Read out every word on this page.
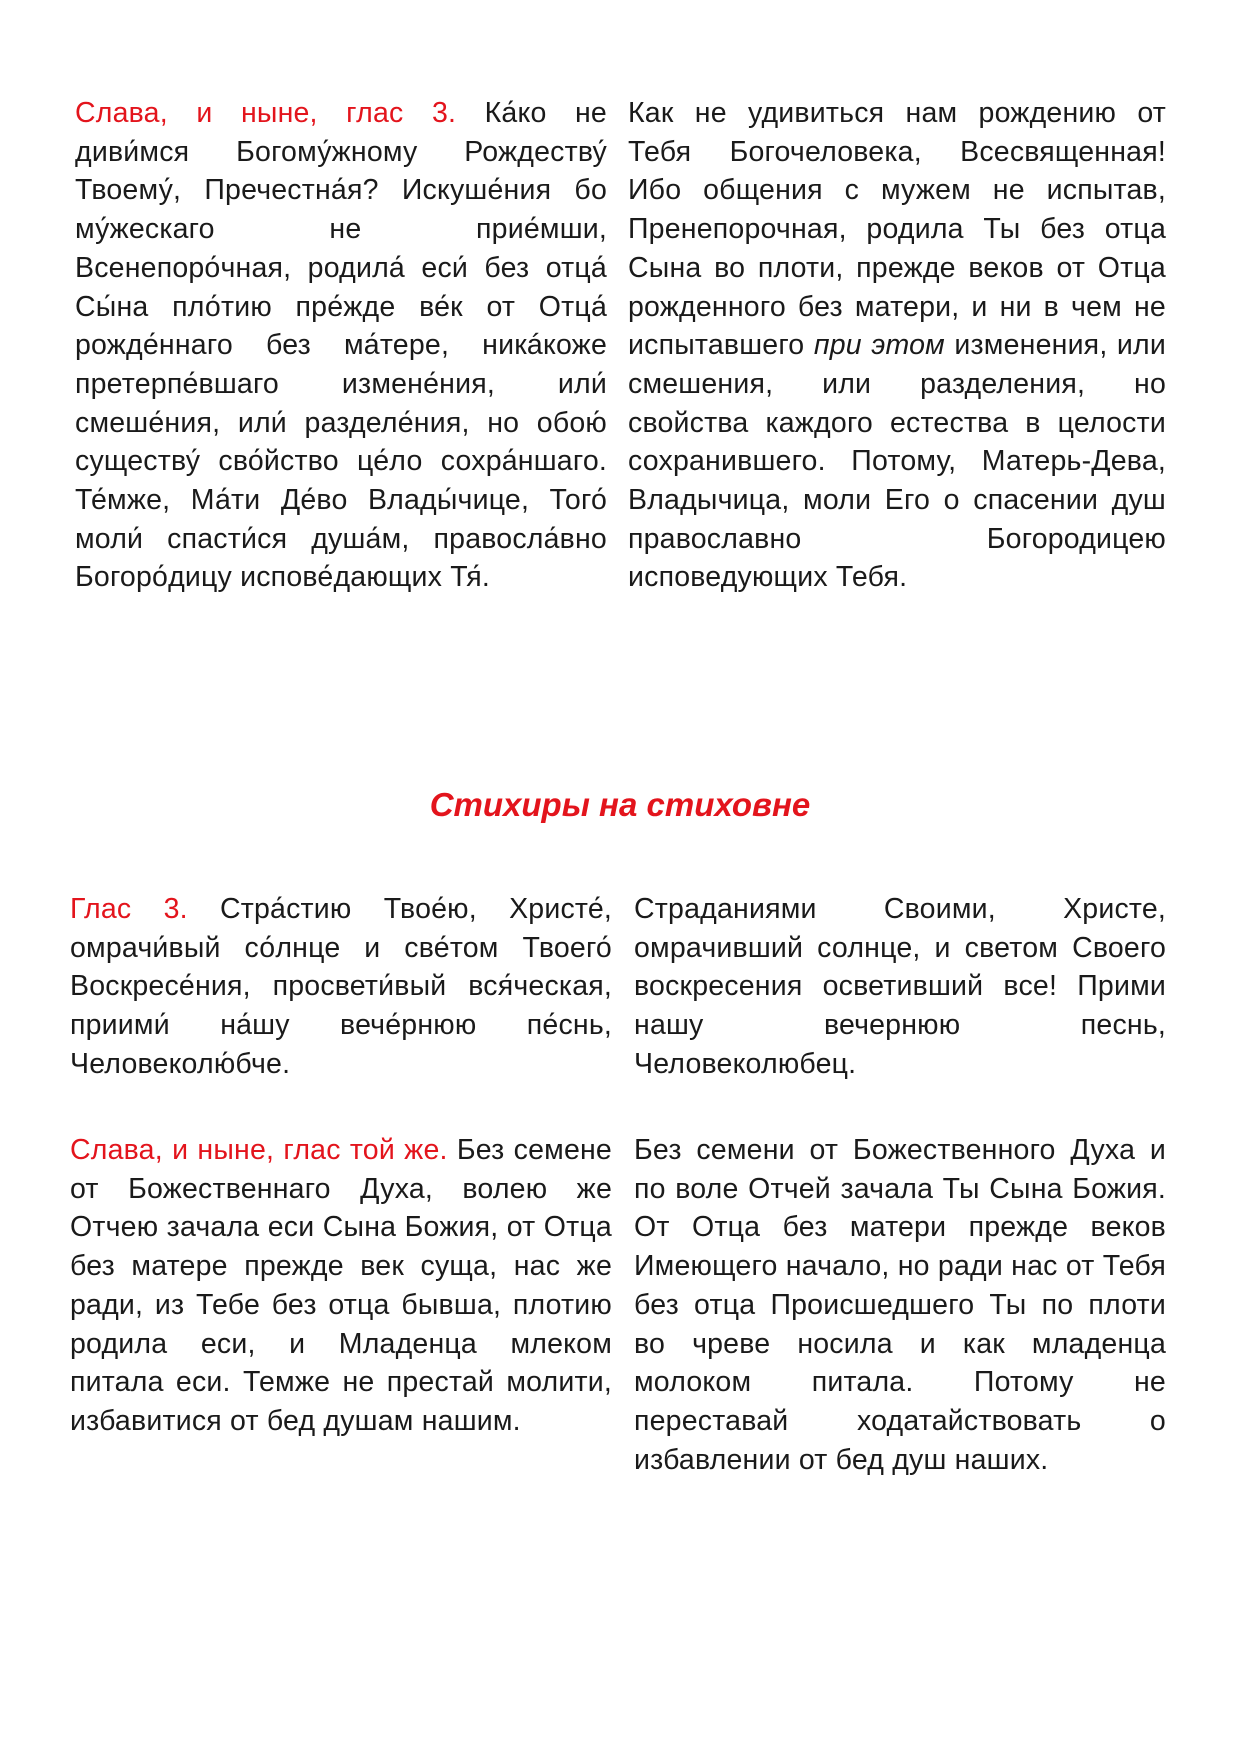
Слава, и ныне, глас 3. Ка́ко не диви́мся Богому́жному Рождеству́ Твоему́, Пречестна́я? Искуше́ния бо му́жескаго не прие́мши, Всенепоро́чная, родила́ еси́ без отца́ Сы́на пло́тию пре́жде ве́к от Отца́ рожде́ннаго без ма́тере, никáкоже претерпе́вшаго измене́ния, или́ смеше́ния, или́ разделе́ния, но обою́ существу́ сво́йство це́ло сохра́ншаго. Те́мже, Ма́ти Де́во Влады́чице, Того́ моли́ спасти́ся душа́м, правосла́вно Богоро́дицу испове́дающих Тя́.
Как не удивиться нам рождению от Тебя Богочеловека, Всесвященная! Ибо общения с мужем не испытав, Пренепорочная, родила Ты без отца Сына во плоти, прежде веков от Отца рожденного без матери, и ни в чем не испытавшего при этом изменения, или смешения, или разделения, но свойства каждого естества в целости сохранившего. Потому, Матерь-Дева, Владычица, моли Его о спасении душ православно Богородицею исповедующих Тебя.
Стихиры на стиховне
Глас 3. Стра́стию Твое́ю, Христе́, омрачи́вый со́лнце и све́том Твоего́ Воскресе́ния, просвети́вый вся́ческая, приими́ на́шу вече́рнюю пе́снь, Человеколю́бче.
Страданиями Своими, Христе, омрачивший солнце, и светом Своего воскресения осветивший все! Прими нашу вечернюю песнь, Человеколюбец.
Слава, и ныне, глас той же. Без семене от Божественнаго Духа, волею же Отчею зачала еси Сына Божия, от Отца без матере прежде век суща, нас же ради, из Тебе без отца бывша, плотию родила еси, и Младенца млеком питала еси. Темже не престай молити, избавитися от бед душам нашим.
Без семени от Божественного Духа и по воле Отчей зачала Ты Сына Божия. От Отца без матери прежде веков Имеющего начало, но ради нас от Тебя без отца Происшедшего Ты по плоти во чреве носила и как младенца молоком питала. Потому не переставай ходатайствовать о избавлении от бед душ наших.
